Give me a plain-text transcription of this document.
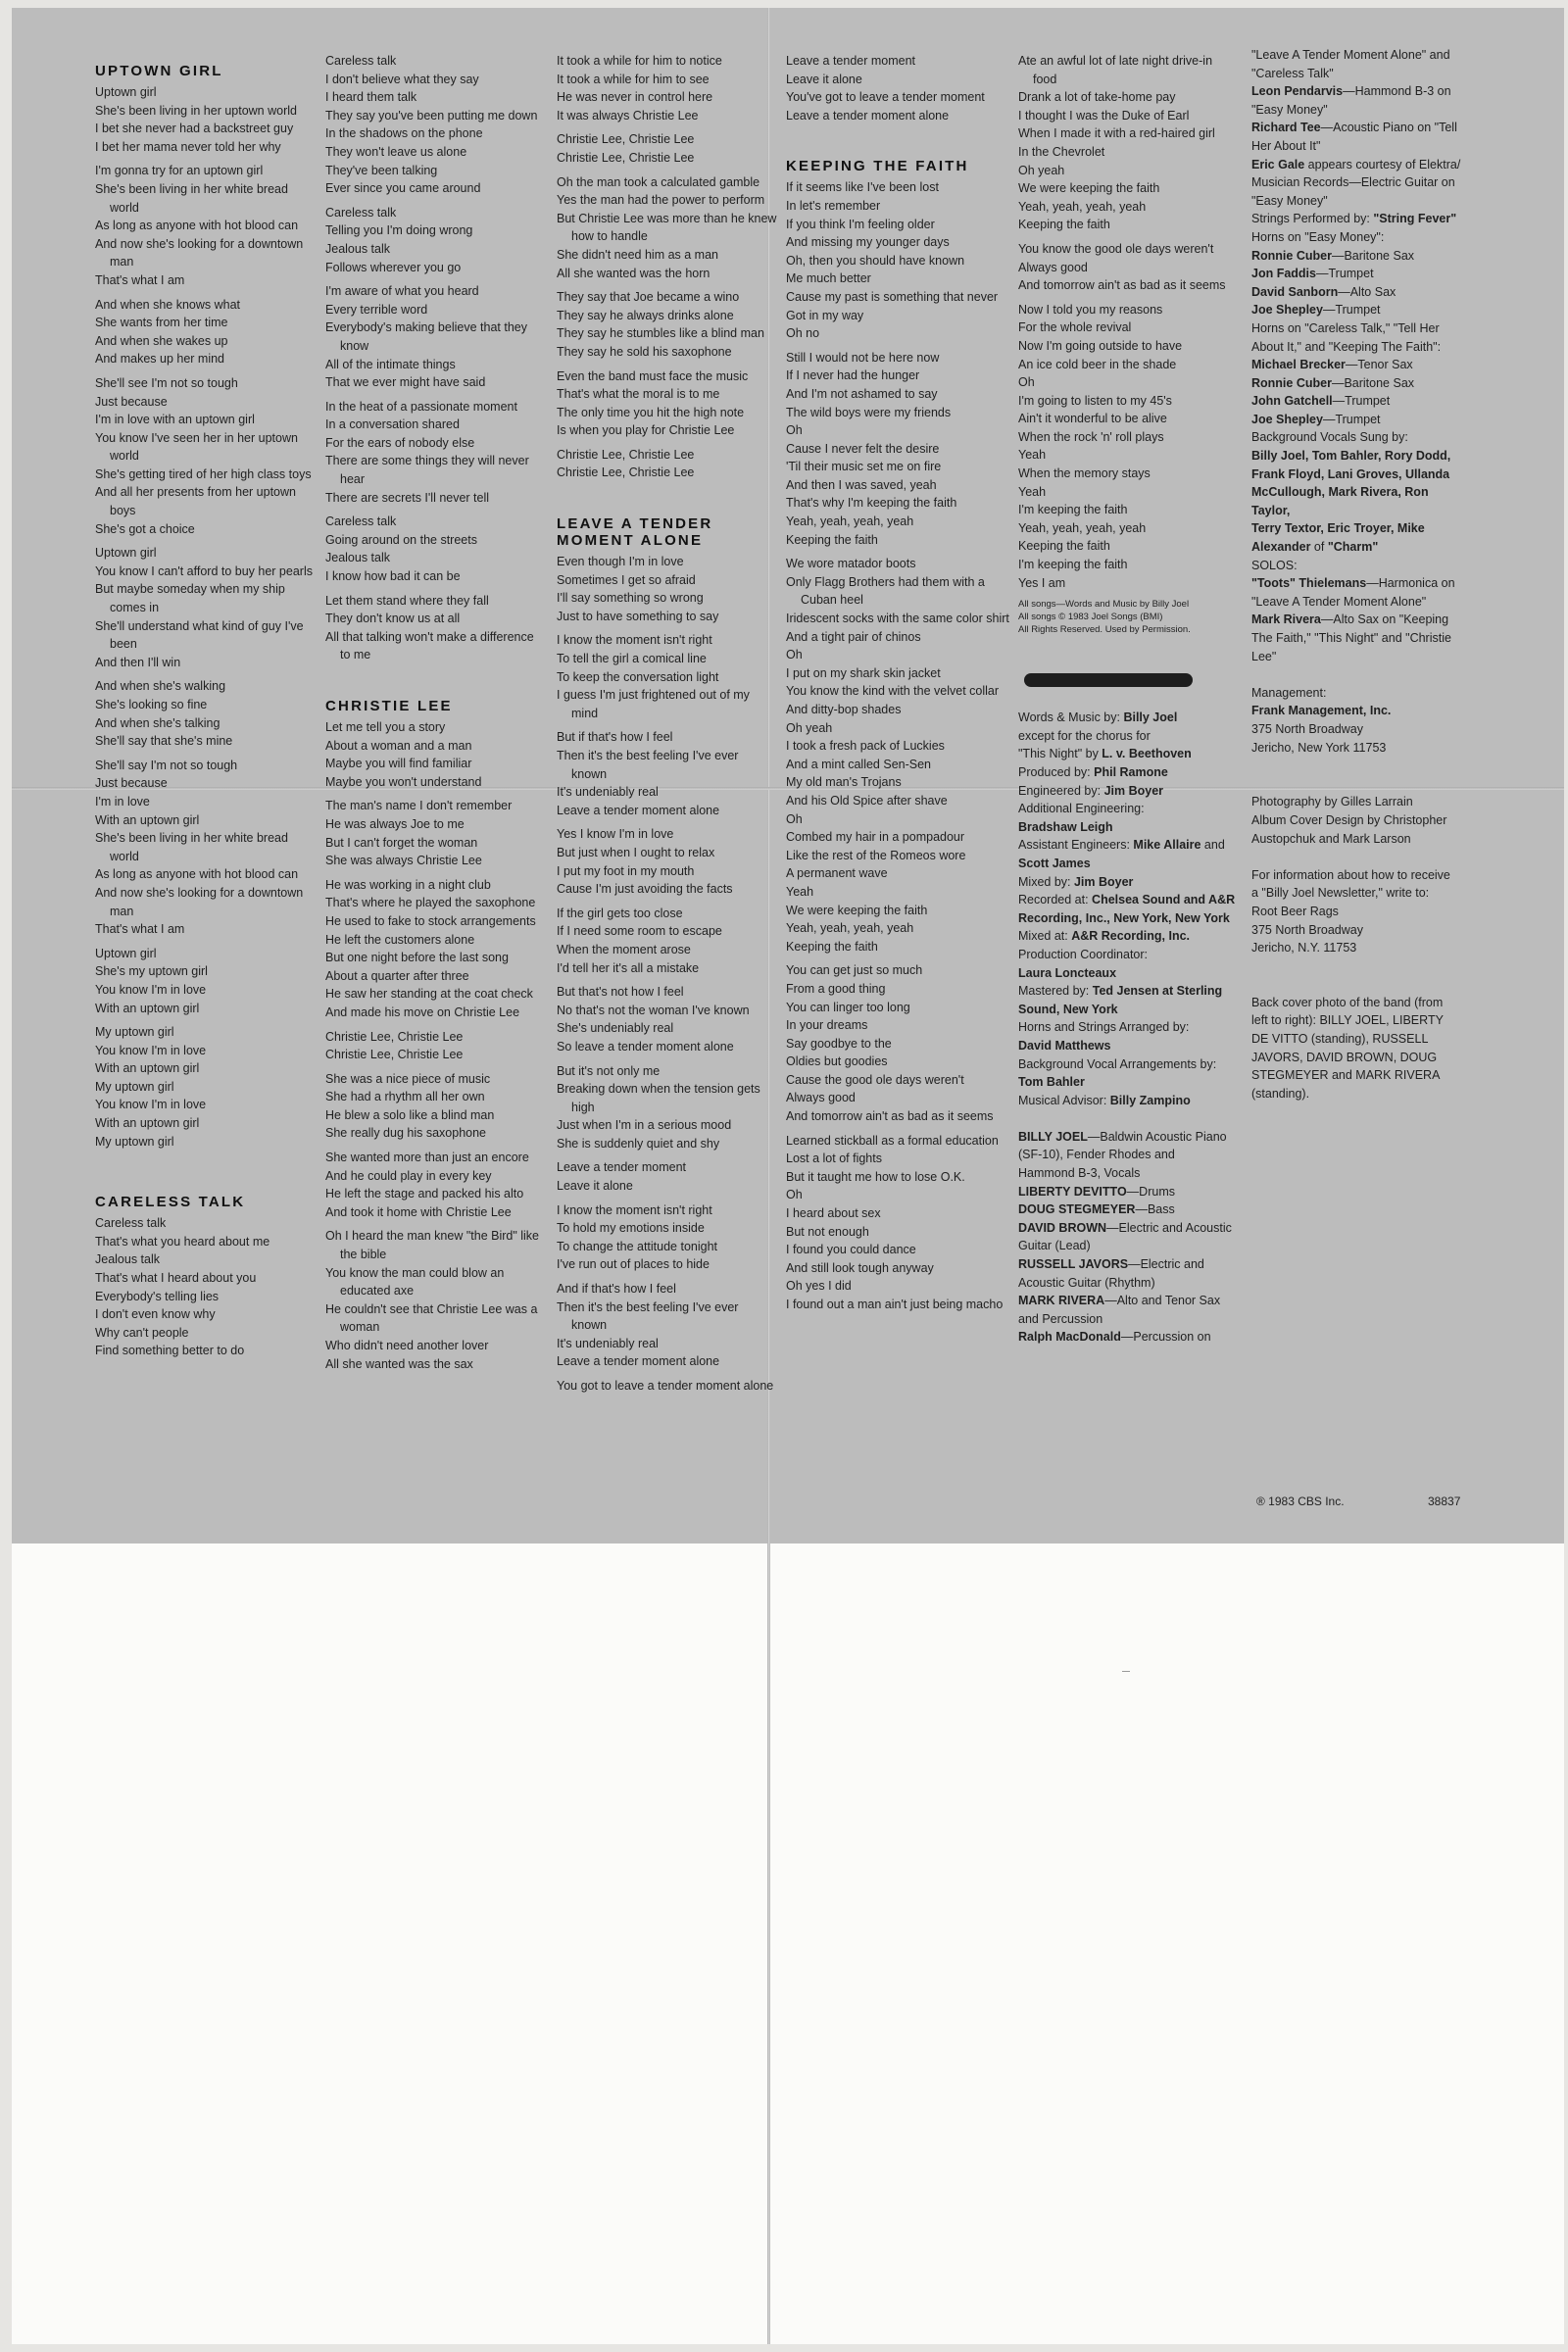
UPTOWN GIRL

Uptown girl
She's been living in her uptown world
I bet she never had a backstreet guy
I bet her mama never told her why

I'm gonna try for an uptown girl
She's been living in her white bread world
As long as anyone with hot blood can
And now she's looking for a downtown man
That's what I am

And when she knows what
She wants from her time
And when she wakes up
And makes up her mind

She'll see I'm not so tough
Just because
I'm in love with an uptown girl
You know I've seen her in her uptown world
She's getting tired of her high class toys
And all her presents from her uptown boys
She's got a choice

Uptown girl
You know I can't afford to buy her pearls
But maybe someday when my ship comes in
She'll understand what kind of guy I've been
And then I'll win

And when she's walking
She's looking so fine
And when she's talking
She'll say that she's mine

She'll say I'm not so tough
Just because
I'm in love
With an uptown girl
She's been living in her white bread world
As long as anyone with hot blood can
And now she's looking for a downtown man
That's what I am

Uptown girl
She's my uptown girl
You know I'm in love
With an uptown girl

My uptown girl
You know I'm in love
With an uptown girl
My uptown girl
You know I'm in love
With an uptown girl
My uptown girl

CARELESS TALK

Careless talk
That's what you heard about me
Jealous talk
That's what I heard about you
Everybody's telling lies
I don't even know why
Why can't people
Find something better to do

Careless talk
I don't believe what they say
I heard them talk
They say you've been putting me down
In the shadows on the phone
They won't leave us alone
They've been talking
Ever since you came around

Careless talk
Telling you I'm doing wrong
Jealous talk
Follows wherever you go

I'm aware of what you heard
Every terrible word
Everybody's making believe that they know
All of the intimate things
That we ever might have said

In the heat of a passionate moment
In a conversation shared
For the ears of nobody else
There are some things they will never hear
There are secrets I'll never tell

Careless talk
Going around on the streets
Jealous talk
I know how bad it can be

Let them stand where they fall
They don't know us at all
All that talking won't make a difference to me

CHRISTIE LEE

Let me tell you a story
About a woman and a man
Maybe you will find familiar
Maybe you won't understand

The man's name I don't remember
He was always Joe to me
But I can't forget the woman
She was always Christie Lee

He was working in a night club
That's where he played the saxophone
He used to fake to stock arrangements
He left the customers alone
But one night before the last song
About a quarter after three
He saw her standing at the coat check
And made his move on Christie Lee

Christie Lee, Christie Lee
Christie Lee, Christie Lee

She was a nice piece of music
She had a rhythm all her own
He blew a solo like a blind man
She really dug his saxophone

She wanted more than just an encore
And he could play in every key
He left the stage and packed his alto
And took it home with Christie Lee

Oh I heard the man knew "the Bird" like the bible
You know the man could blow an educated axe
He couldn't see that Christie Lee was a woman
Who didn't need another lover
All she wanted was the sax

It took a while for him to notice
It took a while for him to see
He was never in control here
It was always Christie Lee

Christie Lee, Christie Lee
Christie Lee, Christie Lee

Oh the man took a calculated gamble
Yes the man had the power to perform
But Christie Lee was more than he knew how to handle
She didn't need him as a man
All she wanted was the horn

They say that Joe became a wino
They say he always drinks alone
They say he stumbles like a blind man
They say he sold his saxophone

Even the band must face the music
That's what the moral is to me
The only time you hit the high note
Is when you play for Christie Lee

Christie Lee, Christie Lee
Christie Lee, Christie Lee

LEAVE A TENDER MOMENT ALONE

Even though I'm in love
Sometimes I get so afraid
I'll say something so wrong
Just to have something to say

I know the moment isn't right
To tell the girl a comical line
To keep the conversation light
I guess I'm just frightened out of my mind

But if that's how I feel
Then it's the best feeling I've ever known
It's undeniably real
Leave a tender moment alone

Yes I know I'm in love
But just when I ought to relax
I put my foot in my mouth
Cause I'm just avoiding the facts

If the girl gets too close
If I need some room to escape
When the moment arose
I'd tell her it's all a mistake

But that's not how I feel
No that's not the woman I've known
She's undeniably real
So leave a tender moment alone

But it's not only me
Breaking down when the tension gets high
Just when I'm in a serious mood
She is suddenly quiet and shy

Leave a tender moment
Leave it alone

I know the moment isn't right
To hold my emotions inside
To change the attitude tonight
I've run out of places to hide

And if that's how I feel
Then it's the best feeling I've ever known
It's undeniably real
Leave a tender moment alone

You got to leave a tender moment alone

Leave a tender moment
Leave it alone
You've got to leave a tender moment
Leave a tender moment alone

KEEPING THE FAITH

If it seems like I've been lost
In let's remember
If you think I'm feeling older
And missing my younger days
Oh, then you should have known
Me much better
Cause my past is something that never
Got in my way
Oh no

Still I would not be here now
If I never had the hunger
And I'm not ashamed to say
The wild boys were my friends
Oh
Cause I never felt the desire
'Til their music set me on fire
And then I was saved, yeah
That's why I'm keeping the faith
Yeah, yeah, yeah, yeah
Keeping the faith

We wore matador boots
Only Flagg Brothers had them with a Cuban heel
Iridescent socks with the same color shirt
And a tight pair of chinos
Oh
I put on my shark skin jacket
You know the kind with the velvet collar
And ditty-bop shades
Oh yeah
I took a fresh pack of Luckies
And a mint called Sen-Sen
My old man's Trojans
And his Old Spice after shave
Oh
Combed my hair in a pompadour
Like the rest of the Romeos wore
A permanent wave
Yeah
We were keeping the faith
Yeah, yeah, yeah, yeah
Keeping the faith

You can get just so much
From a good thing
You can linger too long
In your dreams
Say goodbye to the
Oldies but goodies
Cause the good ole days weren't
Always good
And tomorrow ain't as bad as it seems

Learned stickball as a formal education
Lost a lot of fights
But it taught me how to lose O.K.
Oh
I heard about sex
But not enough
I found you could dance
And still look tough anyway
Oh yes I did
I found out a man ain't just being macho

Ate an awful lot of late night drive-in food
Drank a lot of take-home pay
I thought I was the Duke of Earl
When I made it with a red-haired girl
In the Chevrolet
Oh yeah
We were keeping the faith
Yeah, yeah, yeah, yeah
Keeping the faith

You know the good ole days weren't
Always good
And tomorrow ain't as bad as it seems

Now I told you my reasons
For the whole revival
Now I'm going outside to have
An ice cold beer in the shade
Oh
I'm going to listen to my 45's
Ain't it wonderful to be alive
When the rock 'n' roll plays
Yeah
When the memory stays
Yeah
I'm keeping the faith
Yeah, yeah, yeah, yeah
Keeping the faith
I'm keeping the faith
Yes I am

All songs—Words and Music by Billy Joel
All songs © 1983 Joel Songs (BMI)
All Rights Reserved. Used by Permission.

Words & Music by: Billy Joel
except for the chorus for
"This Night" by L. v. Beethoven
Produced by: Phil Ramone
Engineered by: Jim Boyer
Additional Engineering:
Bradshaw Leigh
Assistant Engineers: Mike Allaire and
Scott James
Mixed by: Jim Boyer
Recorded at: Chelsea Sound and A&R
Recording, Inc., New York, New York
Mixed at: A&R Recording, Inc.
Production Coordinator:
Laura Loncteaux
Mastered by: Ted Jensen at Sterling
Sound, New York
Horns and Strings Arranged by:
David Matthews
Background Vocal Arrangements by:
Tom Bahler
Musical Advisor: Billy Zampino

BILLY JOEL—Baldwin Acoustic Piano
(SF-10), Fender Rhodes and
Hammond B-3, Vocals
LIBERTY DEVITTO—Drums
DOUG STEGMEYER—Bass
DAVID BROWN—Electric and Acoustic
Guitar (Lead)
RUSSELL JAVORS—Electric and
Acoustic Guitar (Rhythm)
MARK RIVERA—Alto and Tenor Sax
and Percussion
Ralph MacDonald—Percussion on
"Leave A Tender Moment Alone" and
"Careless Talk"
Leon Pendarvis—Hammond B-3 on
"Easy Money"
Richard Tee—Acoustic Piano on "Tell
Her About It"
Eric Gale appears courtesy of Elektra/
Musician Records—Electric Guitar on
"Easy Money"
Strings Performed by: "String Fever"
Horns on "Easy Money":
Ronnie Cuber—Baritone Sax
Jon Faddis—Trumpet
David Sanborn—Alto Sax
Joe Shepley—Trumpet
Horns on "Careless Talk," "Tell Her
About It," and "Keeping The Faith":
Michael Brecker—Tenor Sax
Ronnie Cuber—Baritone Sax
John Gatchell—Trumpet
Joe Shepley—Trumpet
Background Vocals Sung by:
Billy Joel, Tom Bahler, Rory Dodd,
Frank Floyd, Lani Groves, Ullanda
McCullough, Mark Rivera, Ron Taylor,
Terry Textor, Eric Troyer, Mike
Alexander of "Charm"
SOLOS:
"Toots" Thielemans—Harmonica on
"Leave A Tender Moment Alone"
Mark Rivera—Alto Sax on "Keeping
The Faith," "This Night" and "Christie
Lee"

Management:
Frank Management, Inc.
375 North Broadway
Jericho, New York 11753

Photography by Gilles Larrain
Album Cover Design by Christopher
Austopchuk and Mark Larson

For information about how to receive
a "Billy Joel Newsletter," write to:
Root Beer Rags
375 North Broadway
Jericho, N.Y. 11753

Back cover photo of the band (from
left to right): BILLY JOEL, LIBERTY
DE VITTO (standing), RUSSELL
JAVORS, DAVID BROWN, DOUG
STEGMEYER and MARK RIVERA
(standing).
® 1983 CBS Inc.	38837
